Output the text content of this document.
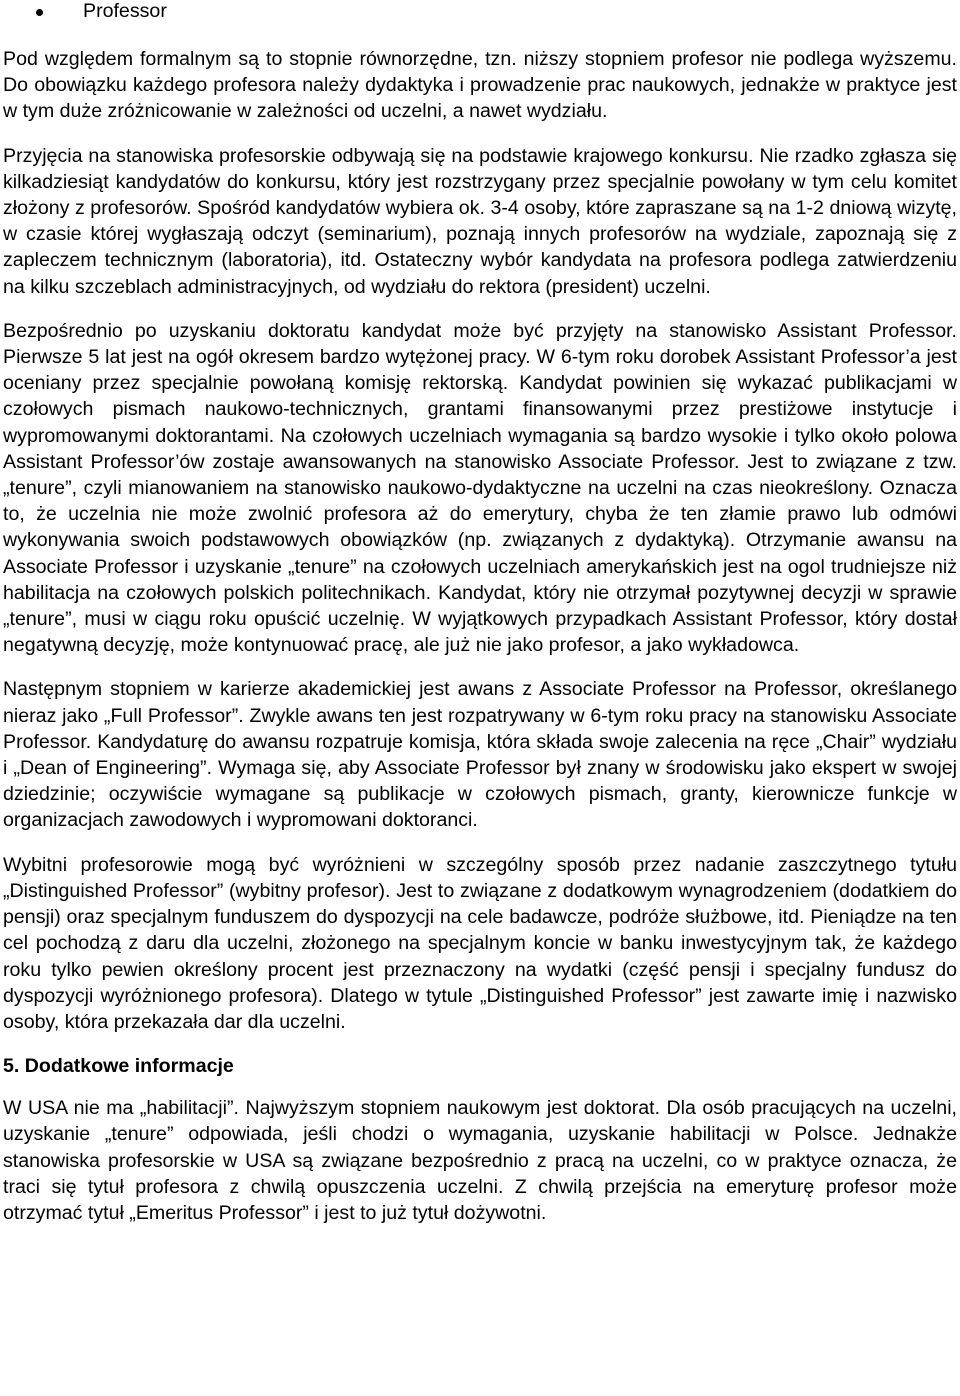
Professor

Pod względem formalnym są to stopnie równorzędne, tzn. niższy stopniem profesor nie podlega wyższemu. Do obowiązku każdego profesora należy dydaktyka i prowadzenie prac naukowych, jednakże w praktyce jest w tym duże zróżnicowanie w zależności od uczelni, a nawet wydziału.

Przyjęcia na stanowiska profesorskie odbywają się na podstawie krajowego konkursu. Nie rzadko zgłasza się kilkadziesiąt kandydatów do konkursu, który jest rozstrzygany przez specjalnie powołany w tym celu komitet złożony z profesorów. Spośród kandydatów wybiera ok. 3-4 osoby, które zapraszane są na 1-2 dniową wizytę, w czasie której wygłaszają odczyt (seminarium), poznają innych profesorów na wydziale, zapoznają się z zapleczem technicznym (laboratoria), itd. Ostateczny wybór kandydata na profesora podlega zatwierdzeniu na kilku szczeblach administracyjnych, od wydziału do rektora (president) uczelni.

Bezpośrednio po uzyskaniu doktoratu kandydat może być przyjęty na stanowisko Assistant Professor. Pierwsze 5 lat jest na ogół okresem bardzo wytężonej pracy. W 6-tym roku dorobek Assistant Professor’a jest oceniany przez specjalnie powołaną komisję rektorską. Kandydat powinien się wykazać publikacjami w czołowych pismach naukowo-technicznych, grantami finansowanymi przez prestiżowe instytucje i wypromowanymi doktorantami. Na czołowych uczelniach wymagania są bardzo wysokie i tylko około polowa Assistant Professor’ów zostaje awansowanych na stanowisko Associate Professor. Jest to związane z tzw. „tenure”, czyli mianowaniem na stanowisko naukowo-dydaktyczne na uczelni na czas nieokreślony. Oznacza to, że uczelnia nie może zwolnić profesora aż do emerytury, chyba że ten złamie prawo lub odmówi wykonywania swoich podstawowych obowiązków (np. związanych z dydaktyką). Otrzymanie awansu na Associate Professor i uzyskanie „tenure” na czołowych uczelniach amerykańskich jest na ogol trudniejsze niż habilitacja na czołowych polskich politechnikach. Kandydat, który nie otrzymał pozytywnej decyzji w sprawie „tenure”, musi w ciągu roku opuścić uczelnię. W wyjątkowych przypadkach Assistant Professor, który dostał negatywną decyzję, może kontynuować pracę, ale już nie jako profesor, a jako wykładowca.

Następnym stopniem w karierze akademickiej jest awans z Associate Professor na Professor, określanego nieraz jako „Full Professor”. Zwykle awans ten jest rozpatrywany w 6-tym roku pracy na stanowisku Associate Professor. Kandydaturę do awansu rozpatruje komisja, która składa swoje zalecenia na ręce „Chair” wydziału i „Dean of Engineering”. Wymaga się, aby Associate Professor był znany w środowisku jako ekspert w swojej dziedzinie; oczywiście wymagane są publikacje w czołowych pismach, granty, kierownicze funkcje w organizacjach zawodowych i wypromowani doktoranci.

Wybitni profesorowie mogą być wyróżnieni w szczególny sposób przez nadanie zaszczytnego tytułu „Distinguished Professor” (wybitny profesor). Jest to związane z dodatkowym wynagrodzeniem (dodatkiem do pensji) oraz specjalnym funduszem do dyspozycji na cele badawcze, podróże służbowe, itd. Pieniądze na ten cel pochodzą z daru dla uczelni, złożonego na specjalnym koncie w banku inwestycyjnym tak, że każdego roku tylko pewien określony procent jest przeznaczony na wydatki (część pensji i specjalny fundusz do dyspozycji wyróżnionego profesora). Dlatego w tytule „Distinguished Professor” jest zawarte imię i nazwisko osoby, która przekazała dar dla uczelni.

5. Dodatkowe informacje

W USA nie ma „habilitacji”. Najwyższym stopniem naukowym jest doktorat. Dla osób pracujących na uczelni, uzyskanie „tenure” odpowiada, jeśli chodzi o wymagania, uzyskanie habilitacji w Polsce. Jednakże stanowiska profesorskie w USA są związane bezpośrednio z pracą na uczelni, co w praktyce oznacza, że traci się tytuł profesora z chwilą opuszczenia uczelni. Z chwilą przejścia na emeryturę profesor może otrzymać tytuł „Emeritus Professor” i jest to już tytuł dożywotni.
